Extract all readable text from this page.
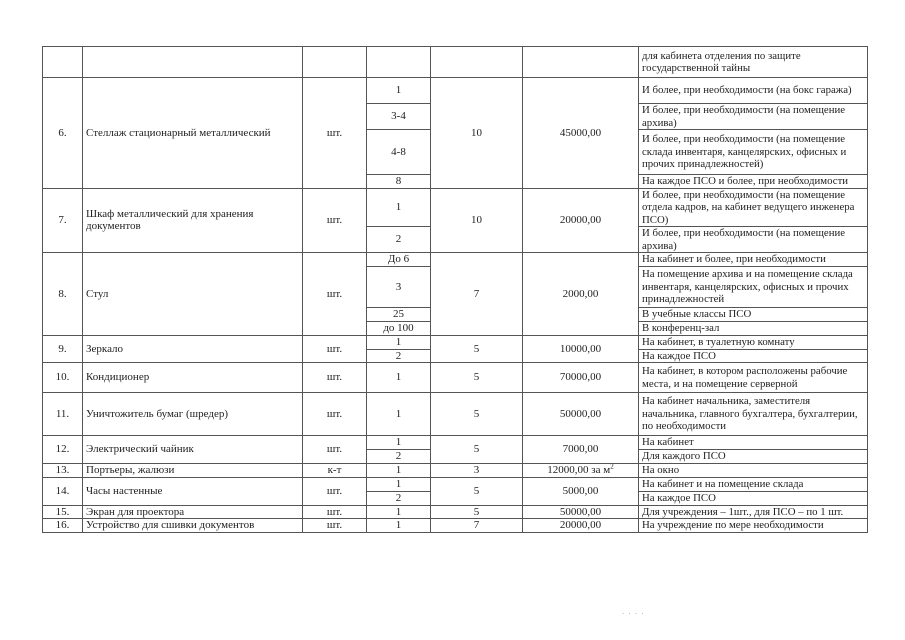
						для кабинета отделения по защите государственной тайны
6.	Стеллаж стационарный металлический	шт.	1	10	45000,00	И более, при необходимости (на бокс гаража)
			3-4			И более, при необходимости (на помещение архива)
			4-8			И более, при необходимости (на помещение склада инвентаря, канцелярских, офисных и прочих принадлежностей)
			8			На каждое ПСО и более, при необходимости
7.	Шкаф металлический для хранения документов	шт.	1	10	20000,00	И более, при необходимости (на помещение отдела кадров, на кабинет ведущего инженера ПСО)
			2			И более, при необходимости (на помещение архива)
8.	Стул	шт.	До 6	7	2000,00	На кабинет и более, при необходимости
			3			На помещение архива и на помещение склада инвентаря, канцелярских, офисных и прочих принадлежностей
			25			В учебные классы ПСО
			до 100			В конференц-зал
9.	Зеркало	шт.	1	5	10000,00	На кабинет, в туалетную комнату
			2			На каждое ПСО
10.	Кондиционер	шт.	1	5	70000,00	На кабинет, в котором расположены рабочие места, и на помещение серверной
11.	Уничтожитель бумаг (шредер)	шт.	1	5	50000,00	На кабинет начальника, заместителя начальника, главного бухгалтера, бухгалтерии, по необходимости
12.	Электрический чайник	шт.	1	5	7000,00	На кабинет
			2			Для каждого ПСО
13.	Портьеры, жалюзи	к-т	1	3	12000,00 за $м^2$	На окно
14.	Часы настенные	шт.	1	5	5000,00	На кабинет и на помещение склада
			2			На каждое ПСО
15.	Экран для проектора	шт.	1	5	50000,00	Для учреждения – 1шт., для ПСО – по 1 шт.
16.	Устройство для сшивки документов	шт.	1	7	20000,00	На учреждение по мере необходимости
· · · ·
